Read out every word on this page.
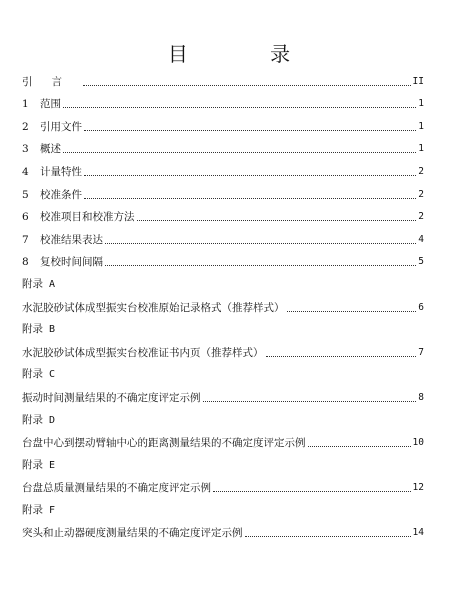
目 录
引言	II
1	范围	1
2	引用文件	1
3	概述	1
4	计量特性	2
5	校准条件	2
6	校准项目和校准方法	2
7	校准结果表达	4
8	复校时间间隔	5
附录 A
水泥胶砂试体成型振实台校准原始记录格式（推荐样式）	6
附录 B
水泥胶砂试体成型振实台校准证书内页（推荐样式）	7
附录 C
振动时间测量结果的不确定度评定示例	8
附录 D
台盘中心到摆动臂轴中心的距离测量结果的不确定度评定示例	10
附录 E
台盘总质量测量结果的不确定度评定示例	12
附录 F
突头和止动器硬度测量结果的不确定度评定示例	14
